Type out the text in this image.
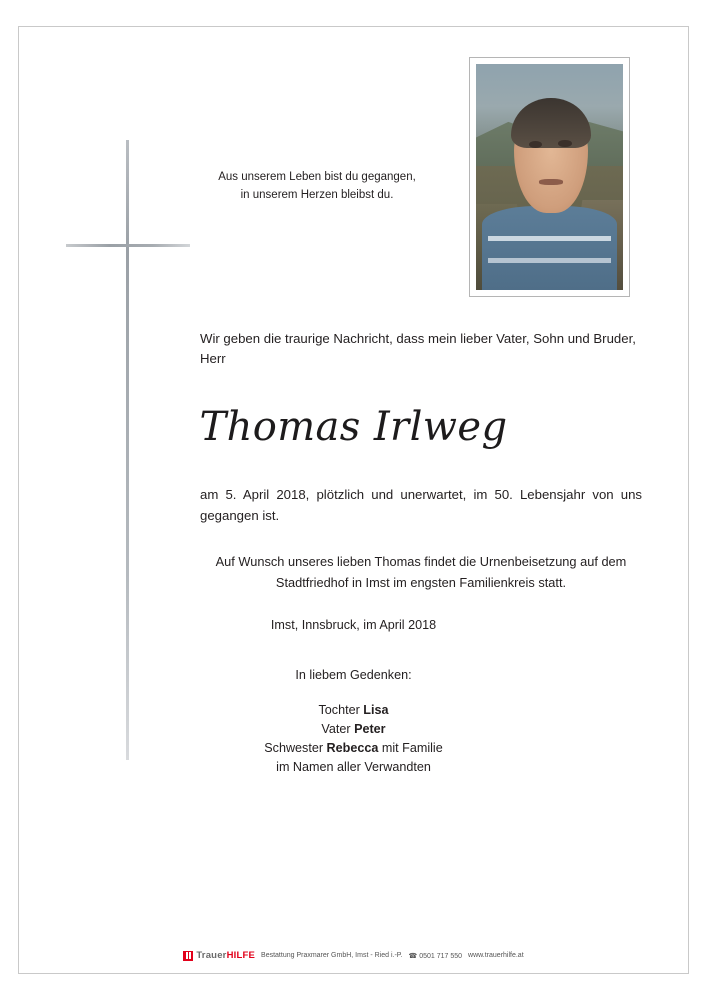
Aus unserem Leben bist du gegangen,
in unserem Herzen bleibst du.
Wir geben die traurige Nachricht, dass mein lieber Vater, Sohn und Bruder, Herr
Thomas Irlweg
am 5. April 2018, plötzlich und unerwartet, im 50. Lebensjahr von uns gegangen ist.
Auf Wunsch unseres lieben Thomas findet die Urnenbeisetzung auf dem
Stadtfriedhof in Imst im engsten Familienkreis statt.
Imst, Innsbruck, im April 2018
In liebem Gedenken:
Tochter Lisa
Vater Peter
Schwester Rebecca mit Familie
im Namen aller Verwandten
TrauerHILFE Bestattung Praxmarer GmbH, Imst - Ried i.-P. ☎ 0501 717 550 www.trauerhilfe.at
